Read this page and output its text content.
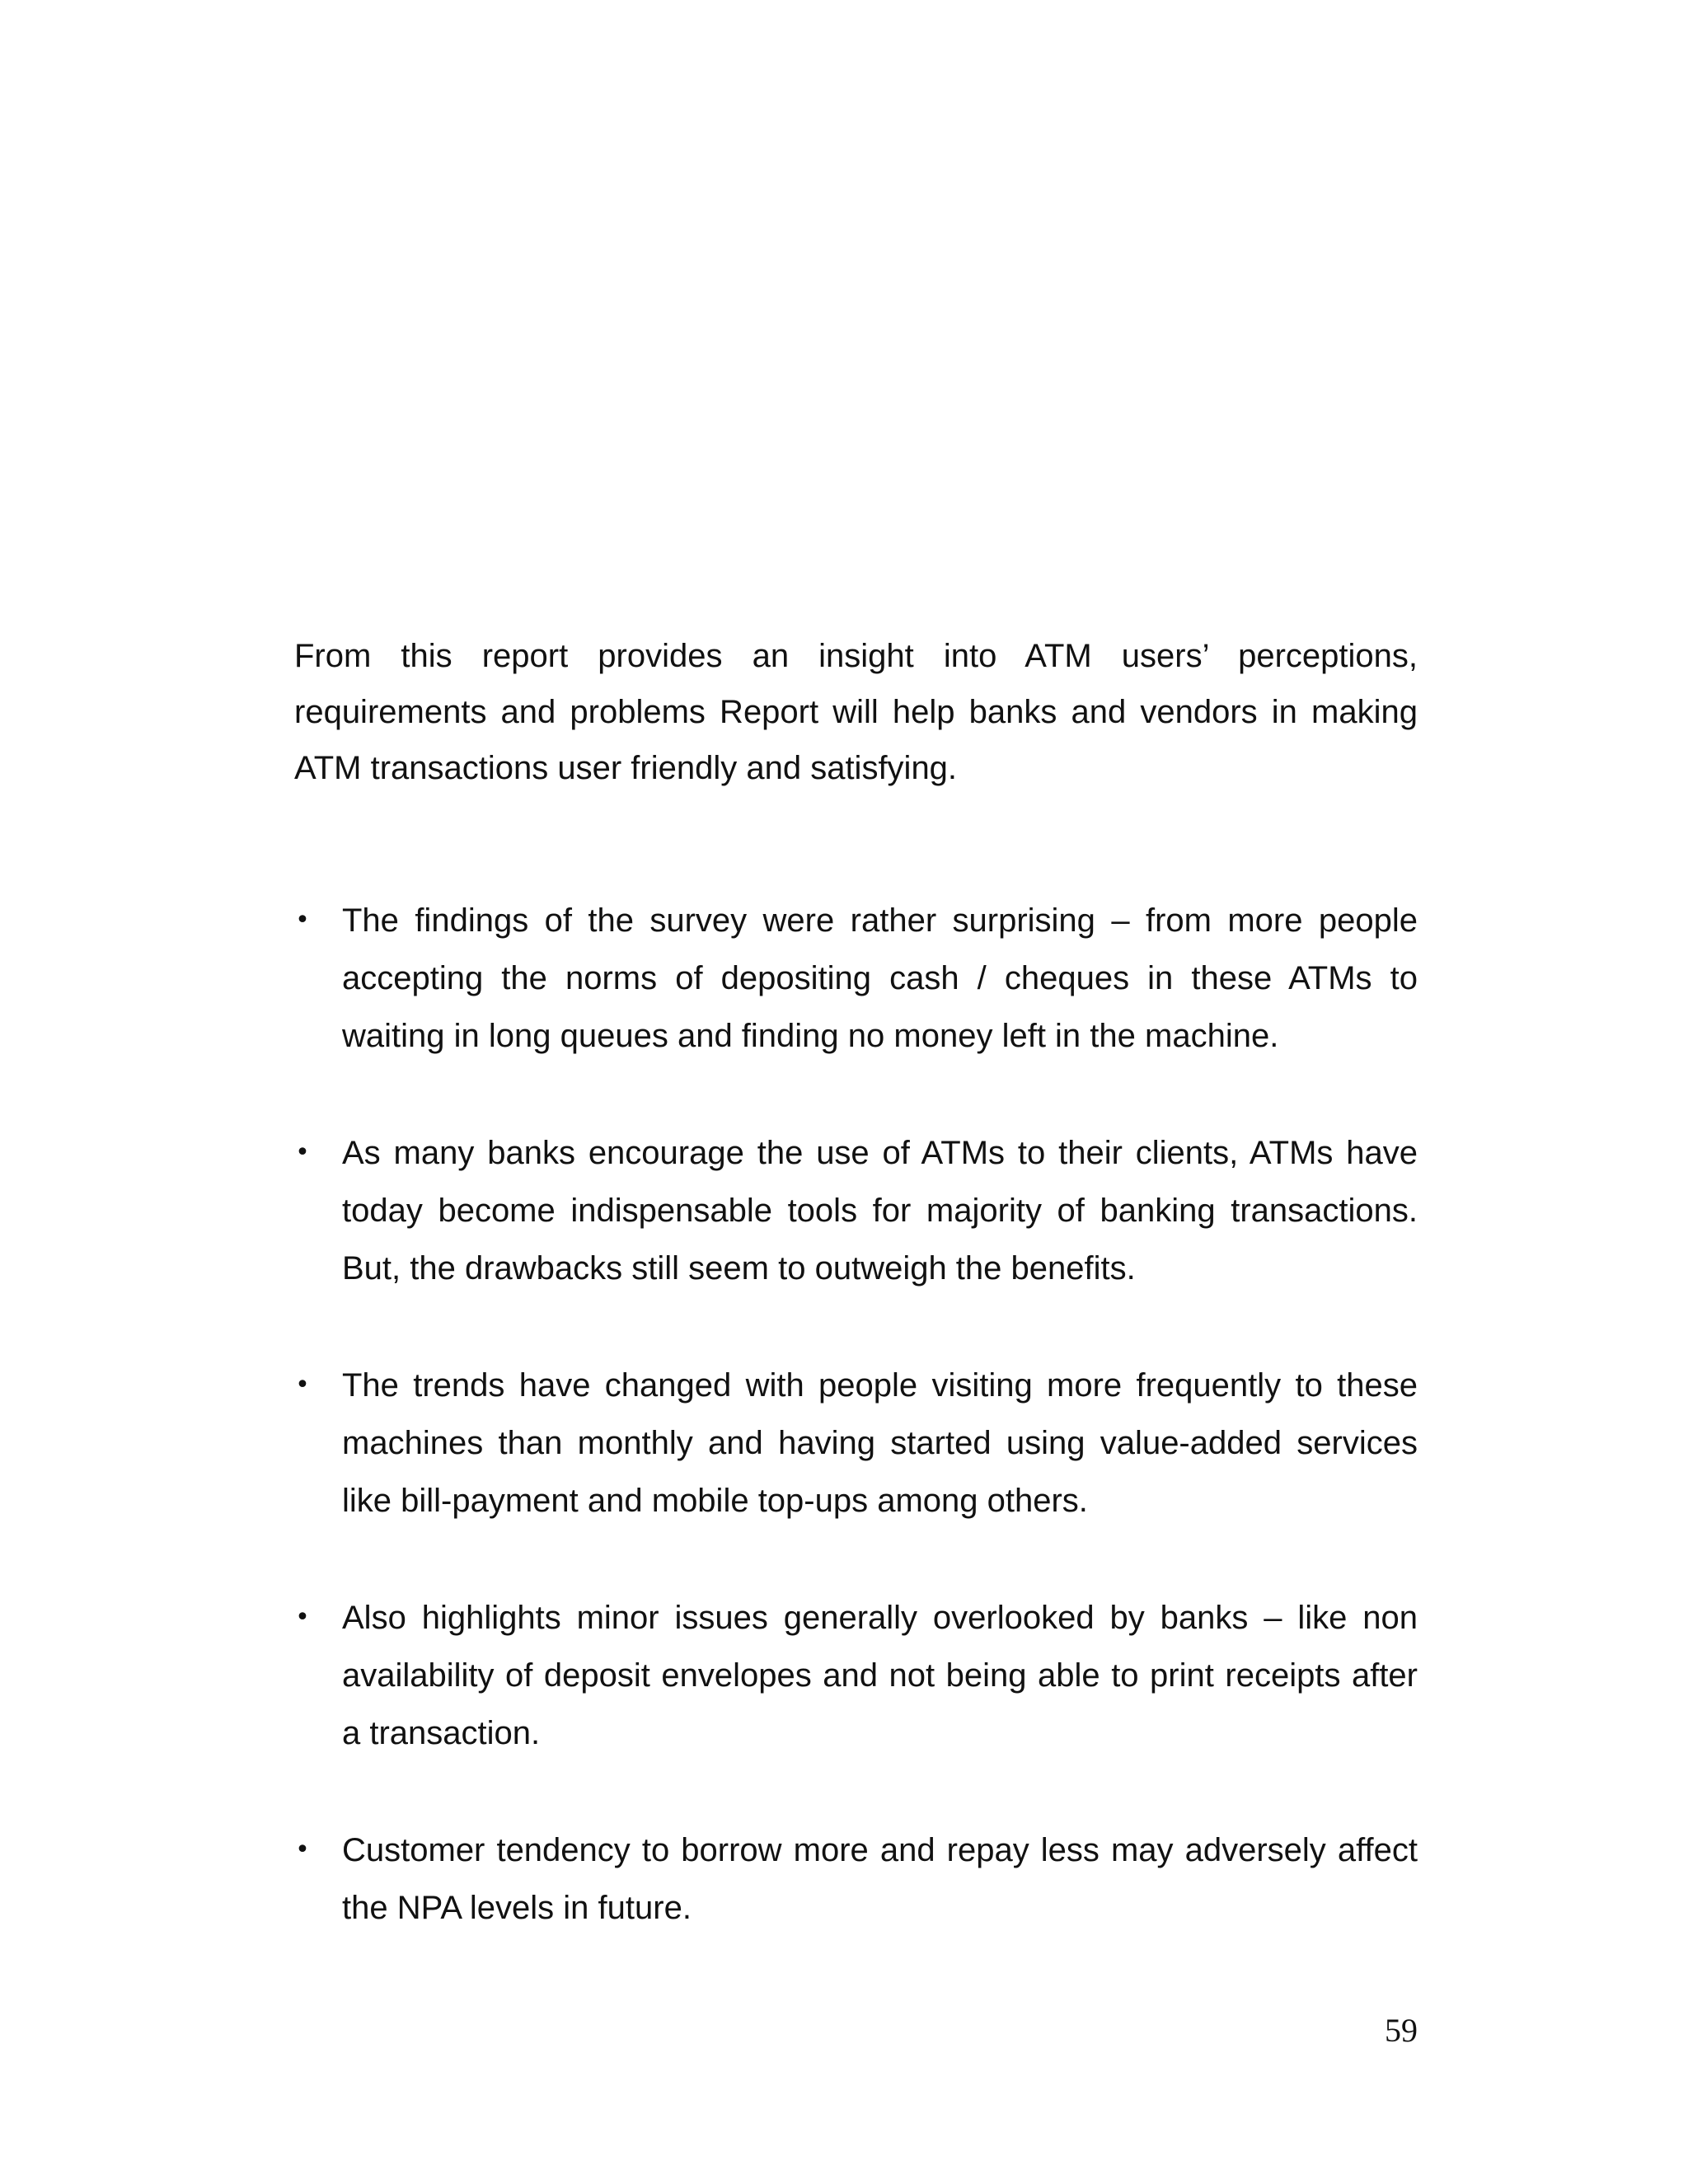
From this report provides an insight into ATM users’ perceptions, requirements and problems Report will help banks and vendors in making ATM transactions user friendly and satisfying.

• The findings of the survey were rather surprising – from more people accepting the norms of depositing cash / cheques in these ATMs to waiting in long queues and finding no money left in the machine.
• As many banks encourage the use of ATMs to their clients, ATMs have today become indispensable tools for majority of banking transactions. But, the drawbacks still seem to outweigh the benefits.
• The trends have changed with people visiting more frequently to these machines than monthly and having started using value-added services like bill-payment and mobile top-ups among others.
• Also highlights minor issues generally overlooked by banks – like non availability of deposit envelopes and not being able to print receipts after a transaction.
• Customer tendency to borrow more and repay less may adversely affect the NPA levels in future.
59
